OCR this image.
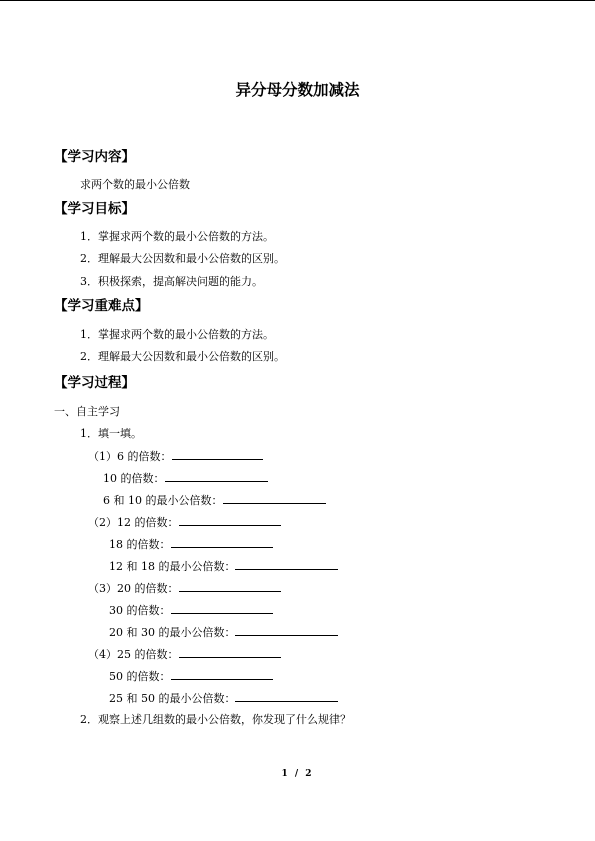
异分母分数加减法
【学习内容】
求两个数的最小公倍数
【学习目标】
1．掌握求两个数的最小公倍数的方法。
2．理解最大公因数和最小公倍数的区别。
3．积极探索，提高解决问题的能力。
【学习重难点】
1．掌握求两个数的最小公倍数的方法。
2．理解最大公因数和最小公倍数的区别。
【学习过程】
一、自主学习
1．填一填。
（1）6 的倍数：
10 的倍数：
6 和 10 的最小公倍数：
（2）12 的倍数：
18 的倍数：
12 和 18 的最小公倍数：
（3）20 的倍数：
30 的倍数：
20 和 30 的最小公倍数：
（4）25 的倍数：
50 的倍数：
25 和 50 的最小公倍数：
2．观察上述几组数的最小公倍数，你发现了什么规律？
1 / 2
